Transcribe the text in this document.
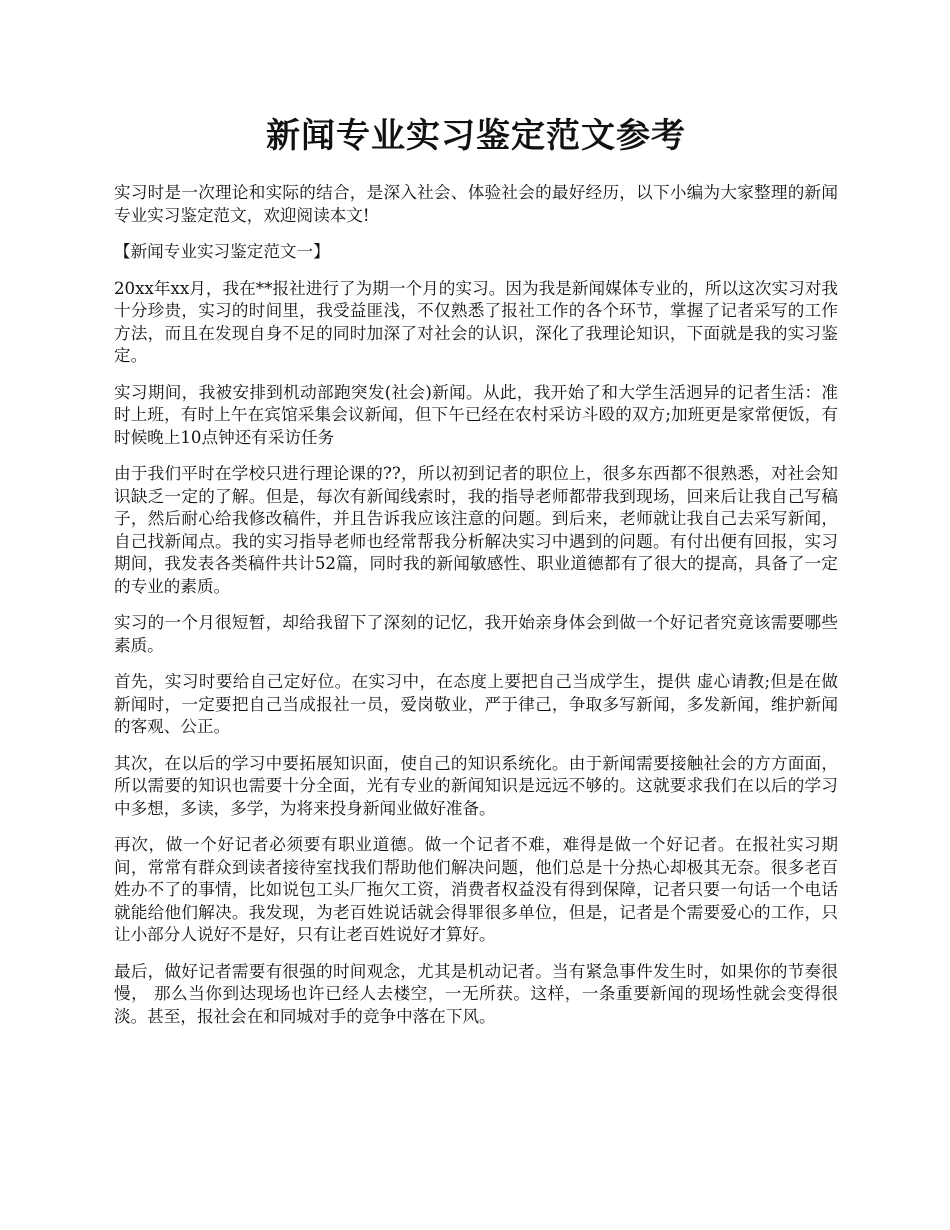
新闻专业实习鉴定范文参考

实习时是一次理论和实际的结合，是深入社会、体验社会的最好经历，以下小编为大家整理的新闻专业实习鉴定范文，欢迎阅读本文!

【新闻专业实习鉴定范文一】

20xx年xx月，我在**报社进行了为期一个月的实习。因为我是新闻媒体专业的，所以这次实习对我十分珍贵，实习的时间里，我受益匪浅，不仅熟悉了报社工作的各个环节，掌握了记者采写的工作方法，而且在发现自身不足的同时加深了对社会的认识，深化了我理论知识，下面就是我的实习鉴定。

实习期间，我被安排到机动部跑突发(社会)新闻。从此，我开始了和大学生活迥异的记者生活：准时上班，有时上午在宾馆采集会议新闻，但下午已经在农村采访斗殴的双方;加班更是家常便饭，有时候晚上10点钟还有采访任务

由于我们平时在学校只进行理论课的??，所以初到记者的职位上，很多东西都不很熟悉，对社会知识缺乏一定的了解。但是，每次有新闻线索时，我的指导老师都带我到现场，回来后让我自己写稿子，然后耐心给我修改稿件，并且告诉我应该注意的问题。到后来，老师就让我自己去采写新闻，自己找新闻点。我的实习指导老师也经常帮我分析解决实习中遇到的问题。有付出便有回报，实习期间，我发表各类稿件共计52篇，同时我的新闻敏感性、职业道德都有了很大的提高，具备了一定的专业的素质。

实习的一个月很短暂，却给我留下了深刻的记忆，我开始亲身体会到做一个好记者究竟该需要哪些素质。

首先，实习时要给自己定好位。在实习中，在态度上要把自己当成学生，提供 虚心请教;但是在做新闻时，一定要把自己当成报社一员，爱岗敬业，严于律己，争取多写新闻，多发新闻，维护新闻的客观、公正。

其次，在以后的学习中要拓展知识面，使自己的知识系统化。由于新闻需要接触社会的方方面面，所以需要的知识也需要十分全面，光有专业的新闻知识是远远不够的。这就要求我们在以后的学习中多想，多读，多学，为将来投身新闻业做好准备。

再次，做一个好记者必须要有职业道德。做一个记者不难，难得是做一个好记者。在报社实习期间，常常有群众到读者接待室找我们帮助他们解决问题，他们总是十分热心却极其无奈。很多老百姓办不了的事情，比如说包工头厂拖欠工资，消费者权益没有得到保障，记者只要一句话一个电话就能给他们解决。我发现，为老百姓说话就会得罪很多单位，但是，记者是个需要爱心的工作，只让小部分人说好不是好，只有让老百姓说好才算好。

最后，做好记者需要有很强的时间观念，尤其是机动记者。当有紧急事件发生时，如果你的节奏很慢， 那么当你到达现场也许已经人去楼空，一无所获。这样，一条重要新闻的现场性就会变得很淡。甚至，报社会在和同城对手的竞争中落在下风。
